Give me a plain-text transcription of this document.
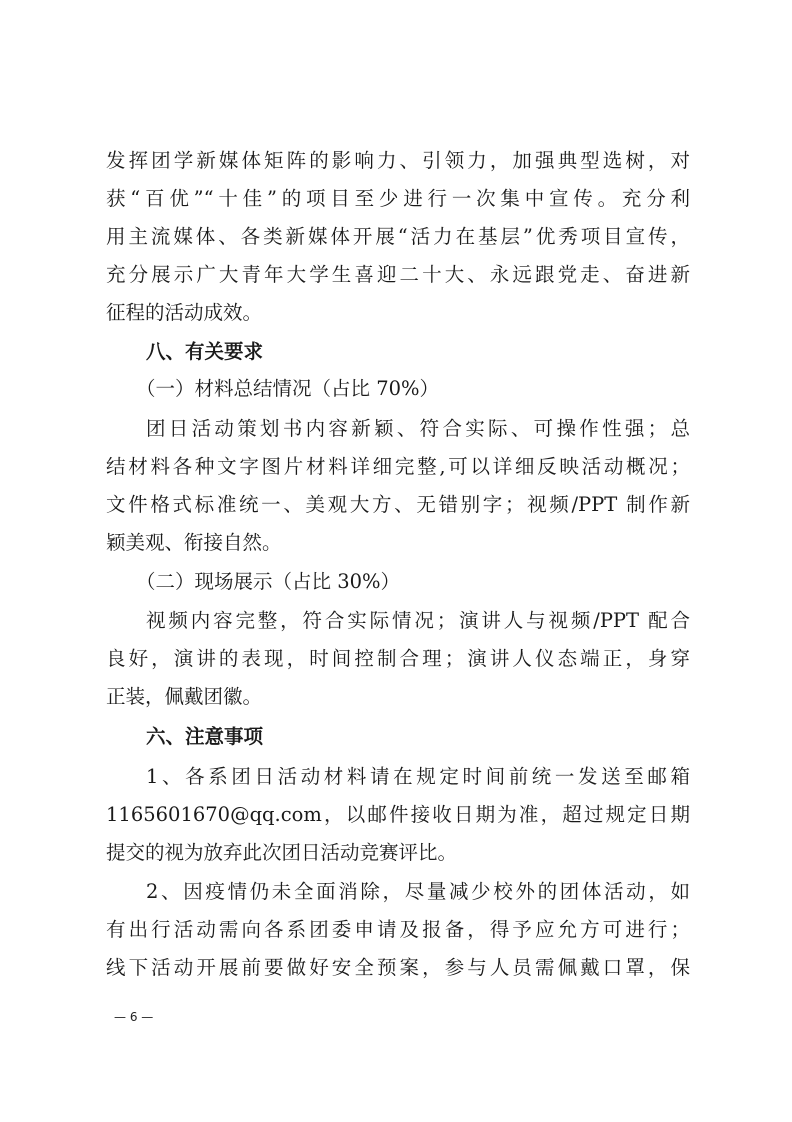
发挥团学新媒体矩阵的影响力、引领力，加强典型选树，对
获“百优”“十佳”的项目至少进行一次集中宣传。充分利
用主流媒体、各类新媒体开展“活力在基层”优秀项目宣传，
充分展示广大青年大学生喜迎二十大、永远跟党走、奋进新
征程的活动成效。
八、有关要求
（一）材料总结情况（占比 70%）
团日活动策划书内容新颖、符合实际、可操作性强；总
结材料各种文字图片材料详细完整,可以详细反映活动概况；
文件格式标准统一、美观大方、无错别字；视频/PPT 制作新
颖美观、衔接自然。
（二）现场展示（占比 30%）
视频内容完整，符合实际情况；演讲人与视频/PPT 配合
良好，演讲的表现，时间控制合理；演讲人仪态端正，身穿
正装，佩戴团徽。
六、注意事项
1、各系团日活动材料请在规定时间前统一发送至邮箱
1165601670@qq.com，以邮件接收日期为准，超过规定日期
提交的视为放弃此次团日活动竞赛评比。
2、因疫情仍未全面消除，尽量减少校外的团体活动，如
有出行活动需向各系团委申请及报备，得予应允方可进行；
线下活动开展前要做好安全预案，参与人员需佩戴口罩，保
— 6 —
